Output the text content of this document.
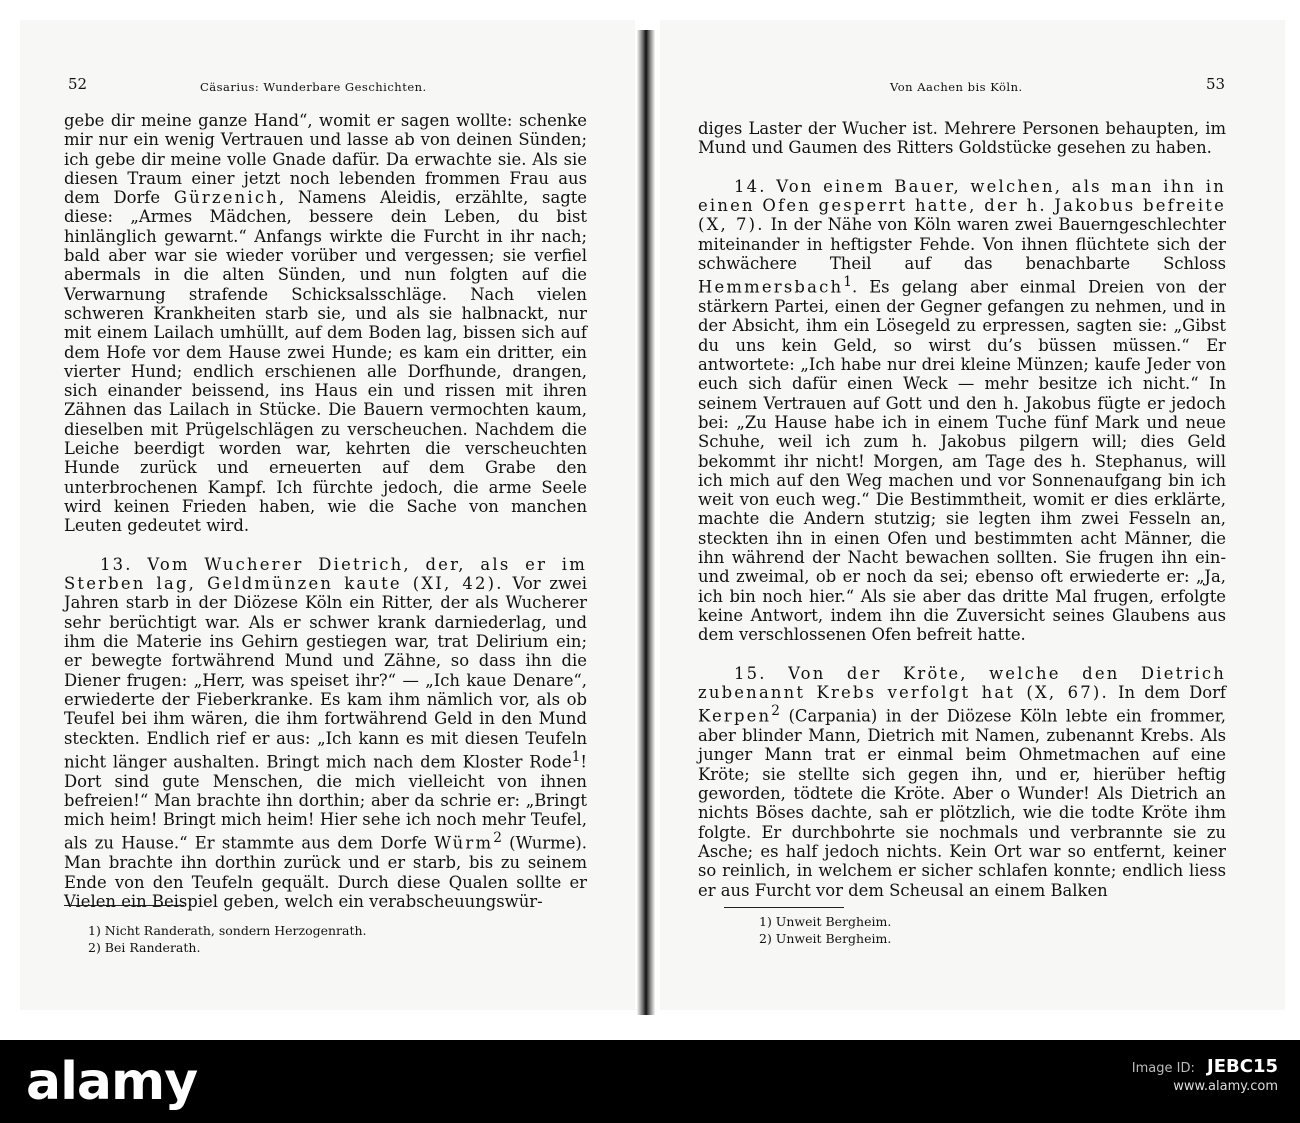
52	Cäsarius: Wunderbare Geschichten.

gebe dir meine ganze Hand“, womit er sagen wollte: schenke mir nur ein wenig Vertrauen und lasse ab von deinen Sünden; ich gebe dir meine volle Gnade dafür. Da erwachte sie. Als sie diesen Traum einer jetzt noch lebenden frommen Frau aus dem Dorfe Gürzenich, Namens Aleidis, erzählte, sagte diese: „Armes Mädchen, bessere dein Leben, du bist hinlänglich gewarnt.“ Anfangs wirkte die Furcht in ihr nach; bald aber war sie wieder vorüber und vergessen; sie verfiel abermals in die alten Sünden, und nun folgten auf die Verwarnung strafende Schicksalsschläge. Nach vielen schweren Krankheiten starb sie, und als sie halbnackt, nur mit einem Lailach umhüllt, auf dem Boden lag, bissen sich auf dem Hofe vor dem Hause zwei Hunde; es kam ein dritter, ein vierter Hund; endlich erschienen alle Dorfhunde, drangen, sich einander beissend, ins Haus ein und rissen mit ihren Zähnen das Lailach in Stücke. Die Bauern vermochten kaum, dieselben mit Prügelschlägen zu verscheuchen. Nachdem die Leiche beerdigt worden war, kehrten die verscheuchten Hunde zurück und erneuerten auf dem Grabe den unterbrochenen Kampf. Ich fürchte jedoch, die arme Seele wird keinen Frieden haben, wie die Sache von manchen Leuten gedeutet wird.

13. Vom Wucherer Dietrich, der, als er im Sterben lag, Geldmünzen kaute (XI, 42). Vor zwei Jahren starb in der Diözese Köln ein Ritter, der als Wucherer sehr berüchtigt war. Als er schwer krank darniederlag, und ihm die Materie ins Gehirn gestiegen war, trat Delirium ein; er bewegte fortwährend Mund und Zähne, so dass ihn die Diener frugen: „Herr, was speiset ihr?“ — „Ich kaue Denare“, erwiederte der Fieberkranke. Es kam ihm nämlich vor, als ob Teufel bei ihm wären, die ihm fortwährend Geld in den Mund steckten. Endlich rief er aus: „Ich kann es mit diesen Teufeln nicht länger aushalten. Bringt mich nach dem Kloster Rode$^1$! Dort sind gute Menschen, die mich vielleicht von ihnen befreien!“ Man brachte ihn dorthin; aber da schrie er: „Bringt mich heim! Bringt mich heim! Hier sehe ich noch mehr Teufel, als zu Hause.“ Er stammte aus dem Dorfe Würm$^2$ (Wurme). Man brachte ihn dorthin zurück und er starb, bis zu seinem Ende von den Teufeln gequält. Durch diese Qualen sollte er Vielen ein Beispiel geben, welch ein verabscheuungswür-

1) Nicht Randerath, sondern Herzogenrath.
2) Bei Randerath.
53
Von Aachen bis Köln.

diges Laster der Wucher ist. Mehrere Personen behaupten, im Mund und Gaumen des Ritters Goldstücke gesehen zu haben.

14. Von einem Bauer, welchen, als man ihn in einen Ofen gesperrt hatte, der h. Jakobus befreite (X, 7). In der Nähe von Köln waren zwei Bauerngeschlechter miteinander in heftigster Fehde. Von ihnen flüchtete sich der schwächere Theil auf das benachbarte Schloss Hemmersbach$^1$. Es gelang aber einmal Dreien von der stärkern Partei, einen der Gegner gefangen zu nehmen, und in der Absicht, ihm ein Lösegeld zu erpressen, sagten sie: „Gibst du uns kein Geld, so wirst du’s büssen müssen.“ Er antwortete: „Ich habe nur drei kleine Münzen; kaufe Jeder von euch sich dafür einen Weck — mehr besitze ich nicht.“ In seinem Vertrauen auf Gott und den h. Jakobus fügte er jedoch bei: „Zu Hause habe ich in einem Tuche fünf Mark und neue Schuhe, weil ich zum h. Jakobus pilgern will; dies Geld bekommt ihr nicht! Morgen, am Tage des h. Stephanus, will ich mich auf den Weg machen und vor Sonnenaufgang bin ich weit von euch weg.“ Die Bestimmtheit, womit er dies erklärte, machte die Andern stutzig; sie legten ihm zwei Fesseln an, steckten ihn in einen Ofen und bestimmten acht Männer, die ihn während der Nacht bewachen sollten. Sie frugen ihn ein- und zweimal, ob er noch da sei; ebenso oft erwiederte er: „Ja, ich bin noch hier.“ Als sie aber das dritte Mal frugen, erfolgte keine Antwort, indem ihn die Zuversicht seines Glaubens aus dem verschlossenen Ofen befreit hatte.

15. Von der Kröte, welche den Dietrich zubenannt Krebs verfolgt hat (X, 67). In dem Dorf Kerpen$^2$ (Carpania) in der Diözese Köln lebte ein frommer, aber blinder Mann, Dietrich mit Namen, zubenannt Krebs. Als junger Mann trat er einmal beim Ohmetmachen auf eine Kröte; sie stellte sich gegen ihn, und er, hierüber heftig geworden, tödtete die Kröte. Aber o Wunder! Als Dietrich an nichts Böses dachte, sah er plötzlich, wie die todte Kröte ihm folgte. Er durchbohrte sie nochmals und verbrannte sie zu Asche; es half jedoch nichts. Kein Ort war so entfernt, keiner so reinlich, in welchem er sicher schlafen konnte; endlich liess er aus Furcht vor dem Scheusal an einem Balken

1) Unweit Bergheim.
2) Unweit Bergheim.
alamy	Image ID: JEBC15
www.alamy.com
